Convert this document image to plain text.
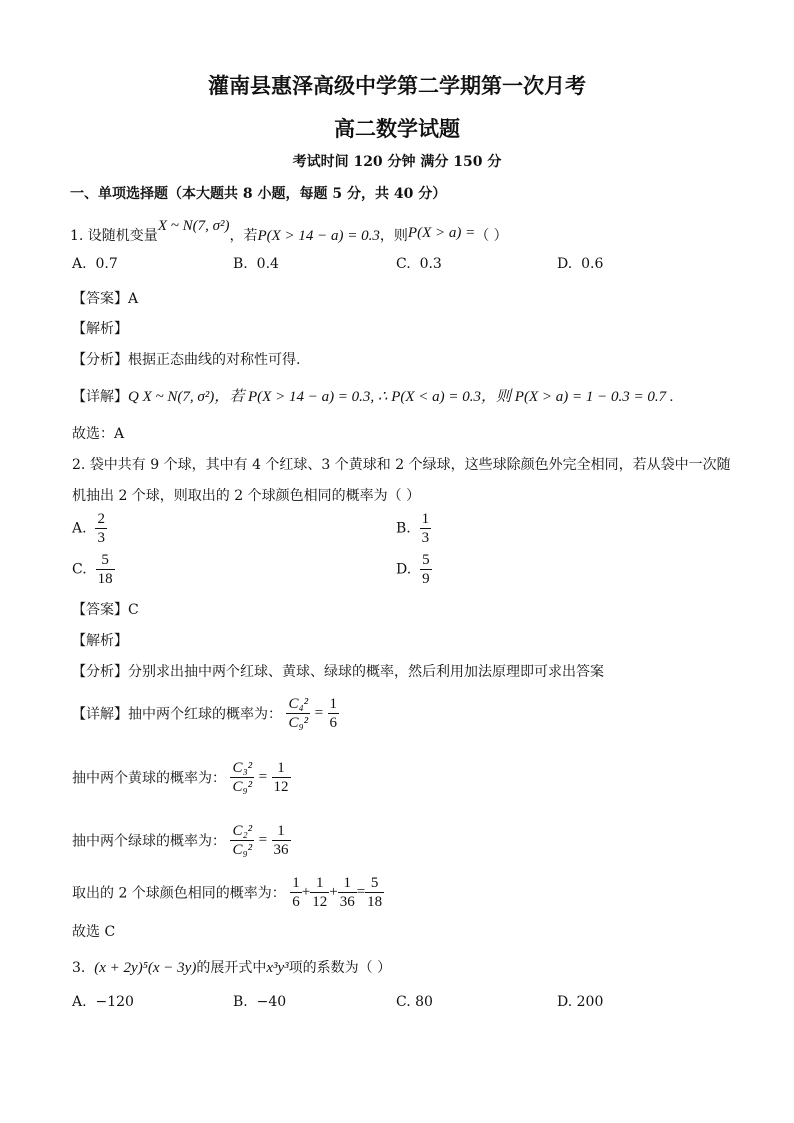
灌南县惠泽高级中学第二学期第一次月考
高二数学试题
考试时间 120 分钟 满分 150 分
一、单项选择题（本大题共 8 小题，每题 5 分，共 40 分）
1. 设随机变量X ~ N(7, σ²)，若P(X > 14 − a) = 0.3，则P(X > a) =（ ）
A. 0.7	B. 0.4	C. 0.3	D. 0.6
【答案】A
【解析】
【分析】根据正态曲线的对称性可得.
【详解】Q X ~ N(7, σ²)，若 P(X > 14 − a) = 0.3, ∴ P(X < a) = 0.3，则 P(X > a) = 1 − 0.3 = 0.7 .
故选：A
2. 袋中共有 9 个球，其中有 4 个红球、3 个黄球和 2 个绿球，这些球除颜色外完全相同，若从袋中一次随
机抽出 2 个球，则取出的 2 个球颜色相同的概率为（ ）
A. $\frac{2}{3}$	B. $\frac{1}{3}$
C. $\frac{5}{18}$	D. $\frac{5}{9}$
【答案】C
【解析】
【分析】分别求出抽中两个红球、黄球、绿球的概率，然后利用加法原理即可求出答案
【详解】抽中两个红球的概率为： $\frac{\text{C₄²}}{\text{C₉²}} = \frac{1}{6}$
抽中两个黄球的概率为： $\frac{\text{C₃²}}{\text{C₉²}} = \frac{1}{12}$
抽中两个绿球的概率为： $\frac{\text{C₂²}}{\text{C₉²}} = \frac{1}{36}$
取出的 2 个球颜色相同的概率为： $\frac{1}{6} + \frac{1}{12} + \frac{1}{36} = \frac{5}{18}$
故选 C
3. (x + 2y)⁵(x − 3y)的展开式中x³y³项的系数为（ ）
A. −120	B. −40	C. 80	D. 200
